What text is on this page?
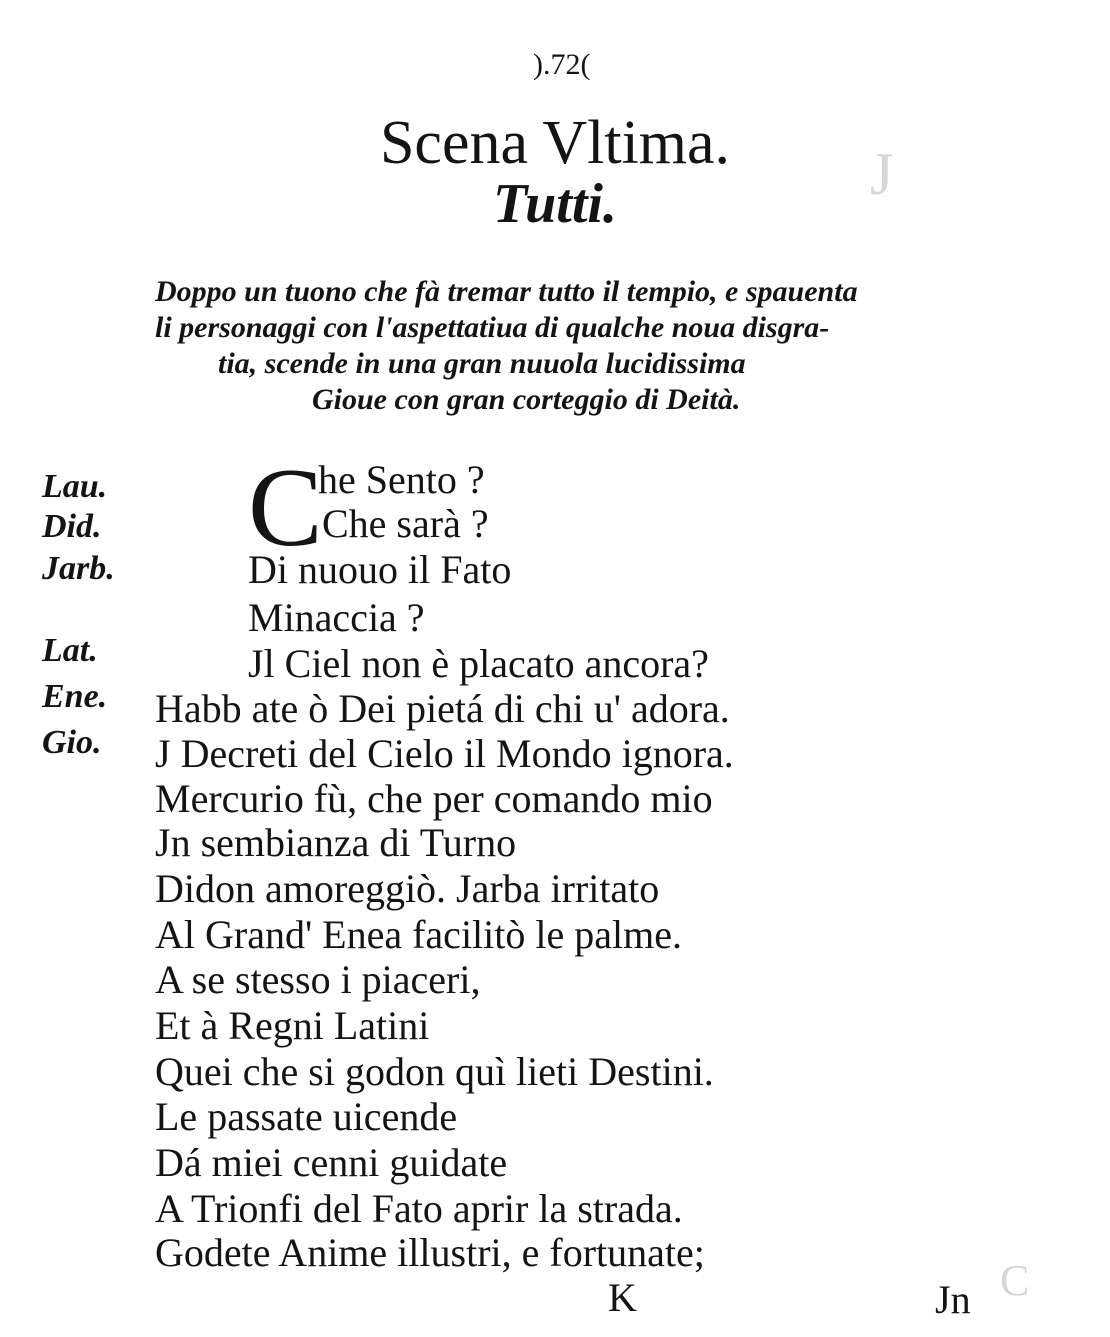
J
C
).72(
Scena Vltima.
Tutti.
Doppo un tuono che fà tremar tutto il tempio, e spauenta
li personaggi con l'aspettatiua di qualche noua disgra-
tia, scende in una gran nuuola lucidissima
Gioue con gran corteggio di Deità.
Lau.
Did.
Jarb.
Lat.
Ene.
Gio.
C
he Sento ?
Che sarà ?
Di nuouo il Fato
Minaccia ?
Jl Ciel non è placato ancora?
Habb ate ò Dei pietá di chi u' adora.
J Decreti del Cielo il Mondo ignora.
Mercurio fù, che per comando mio
Jn sembianza di Turno
Didon amoreggiò. Jarba irritato
Al Grand' Enea facilitò le palme.
A se stesso i piaceri,
Et à Regni Latini
Quei che si godon quì lieti Destini.
Le passate uicende
Dá miei cenni guidate
A Trionfi del Fato aprir la strada.
Godete Anime illustri, e fortunate;
K	Jn
